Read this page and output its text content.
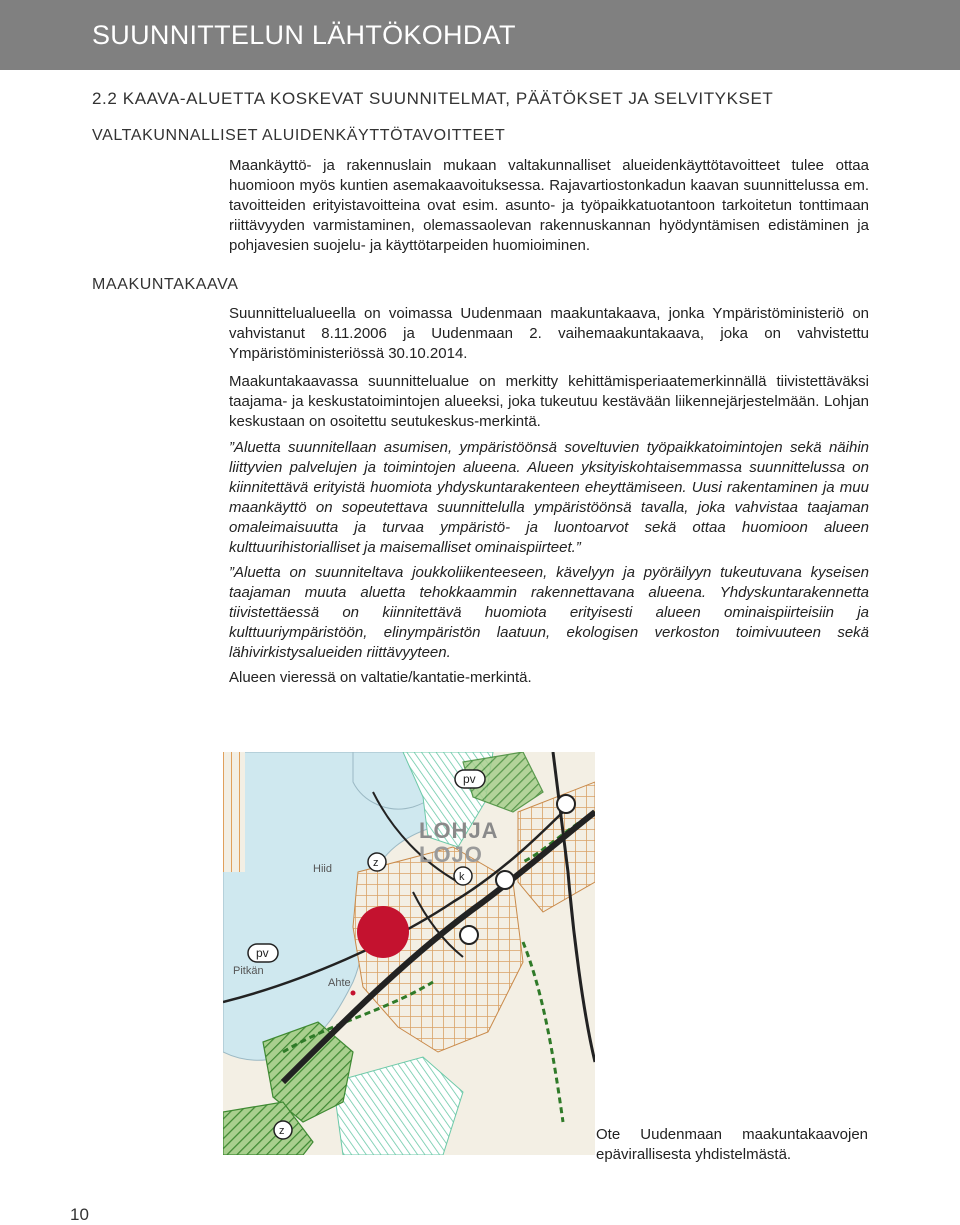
SUUNNITTELUN LÄHTÖKOHDAT
2.2 KAAVA-ALUETTA KOSKEVAT SUUNNITELMAT, PÄÄTÖKSET JA SELVITYKSET
VALTAKUNNALLISET ALUIDENKÄYTTÖTAVOITTEET

Maankäyttö- ja rakennuslain mukaan valtakunnalliset alueidenkäyttötavoitteet tulee ottaa huomioon myös kuntien asemakaavoituksessa. Rajavartiostonkadun kaavan suunnittelussa em. tavoitteiden erityistavoitteina ovat esim. asunto- ja työpaikkatuotantoon tarkoitetun tonttimaan riittävyyden varmistaminen, olemassaolevan rakennuskannan hyödyntämisen edistäminen ja pohjavesien suojelu- ja käyttötarpeiden huomioiminen.

MAAKUNTAKAAVA

Suunnittelualueella on voimassa Uudenmaan maakuntakaava, jonka Ympäristöministeriö on vahvistanut 8.11.2006 ja Uudenmaan 2. vaihemaakuntakaava, joka on vahvistettu Ympäristöministeriössä 30.10.2014.

Maakuntakaavassa suunnittelualue on merkitty kehittämisperiaatemerkinnällä tiivistettäväksi taajama- ja keskustatoimintojen alueeksi, joka tukeutuu kestävään liikennejärjestelmään. Lohjan keskustaan on osoitettu seutukeskus-merkintä.

”Aluetta suunnitellaan asumisen, ympäristöönsä soveltuvien työpaikkatoimintojen sekä näihin liittyvien palvelujen ja toimintojen alueena. Alueen yksityiskohtaisemmassa suunnittelussa on kiinnitettävä erityistä huomiota yhdyskuntarakenteen eheyttämiseen. Uusi rakentaminen ja muu maankäyttö on sopeutettava suunnittelulla ympäristöönsä tavalla, joka vahvistaa taajaman omaleimaisuutta ja turvaa ympäristö- ja luontoarvot sekä ottaa huomioon alueen kulttuurihistorialliset ja maisemalliset ominaispiirteet.”

”Aluetta on suunniteltava joukkoliikenteeseen, kävelyyn ja pyöräilyyn tukeutuvana kyseisen taajaman muuta aluetta tehokkaammin rakennettavana alueena. Yhdyskuntarakennetta tiivistettäessä on kiinnitettävä huomiota erityisesti alueen ominaispiirteisiin ja kulttuuriympäristöön, elinympäristön laatuun, ekologisen verkoston toimivuuteen sekä lähivirkistysalueiden riittävyyteen.

Alueen vieressä on valtatie/kantatie-merkintä.

LOHJA
LOJO
Hiid
Pitkän
Ahte
pv
pv
z
k
z	Ote Uudenmaan maakuntakaavojen epävirallisesta yhdistelmästä.

10
